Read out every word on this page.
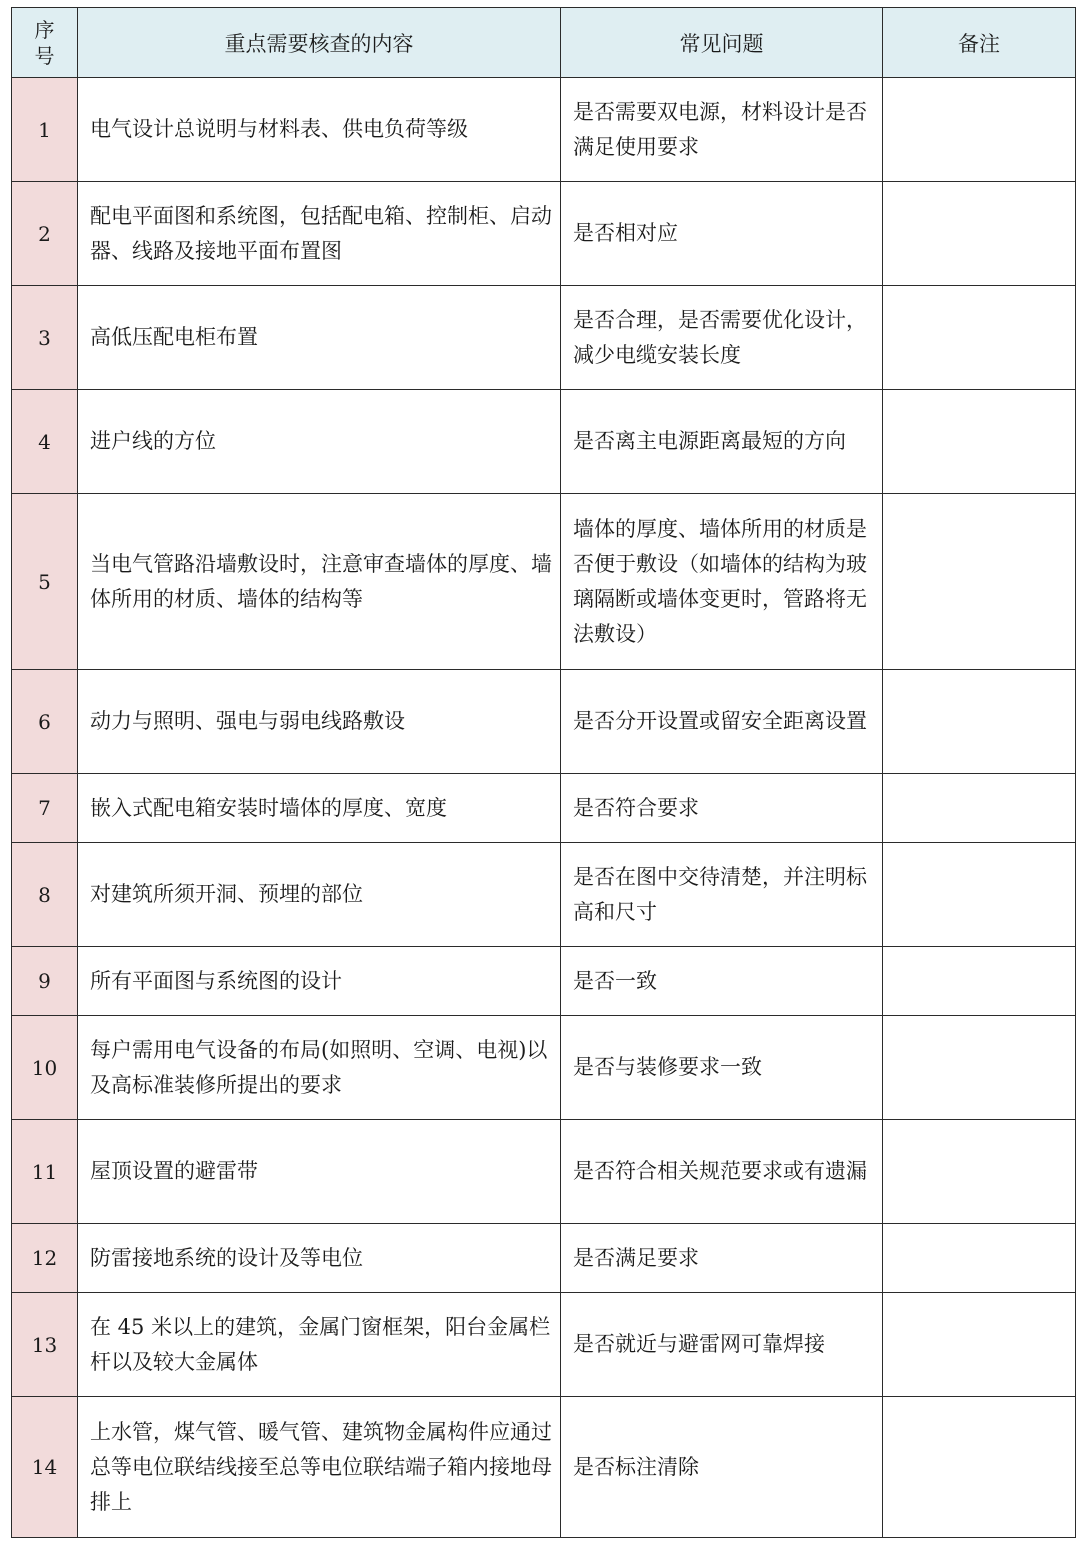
序
号	重点需要核查的内容	常见问题	备注
1	电气设计总说明与材料表、供电负荷等级	是否需要双电源，材料设计是否满足使用要求	
2	配电平面图和系统图，包括配电箱、控制柜、启动器、线路及接地平面布置图	是否相对应	
3	高低压配电柜布置	是否合理，是否需要优化设计，减少电缆安装长度	
4	进户线的方位	是否离主电源距离最短的方向	
5	当电气管路沿墙敷设时，注意审查墙体的厚度、墙体所用的材质、墙体的结构等	墙体的厚度、墙体所用的材质是否便于敷设（如墙体的结构为玻璃隔断或墙体变更时，管路将无法敷设）	
6	动力与照明、强电与弱电线路敷设	是否分开设置或留安全距离设置	
7	嵌入式配电箱安装时墙体的厚度、宽度	是否符合要求	
8	对建筑所须开洞、预埋的部位	是否在图中交待清楚，并注明标高和尺寸	
9	所有平面图与系统图的设计	是否一致	
10	每户需用电气设备的布局(如照明、空调、电视)以及高标准装修所提出的要求	是否与装修要求一致	
11	屋顶设置的避雷带	是否符合相关规范要求或有遗漏	
12	防雷接地系统的设计及等电位	是否满足要求	
13	在 45 米以上的建筑，金属门窗框架，阳台金属栏杆以及较大金属体	是否就近与避雷网可靠焊接	
14	上水管，煤气管、暖气管、建筑物金属构件应通过总等电位联结线接至总等电位联结端子箱内接地母排上	是否标注清除	
